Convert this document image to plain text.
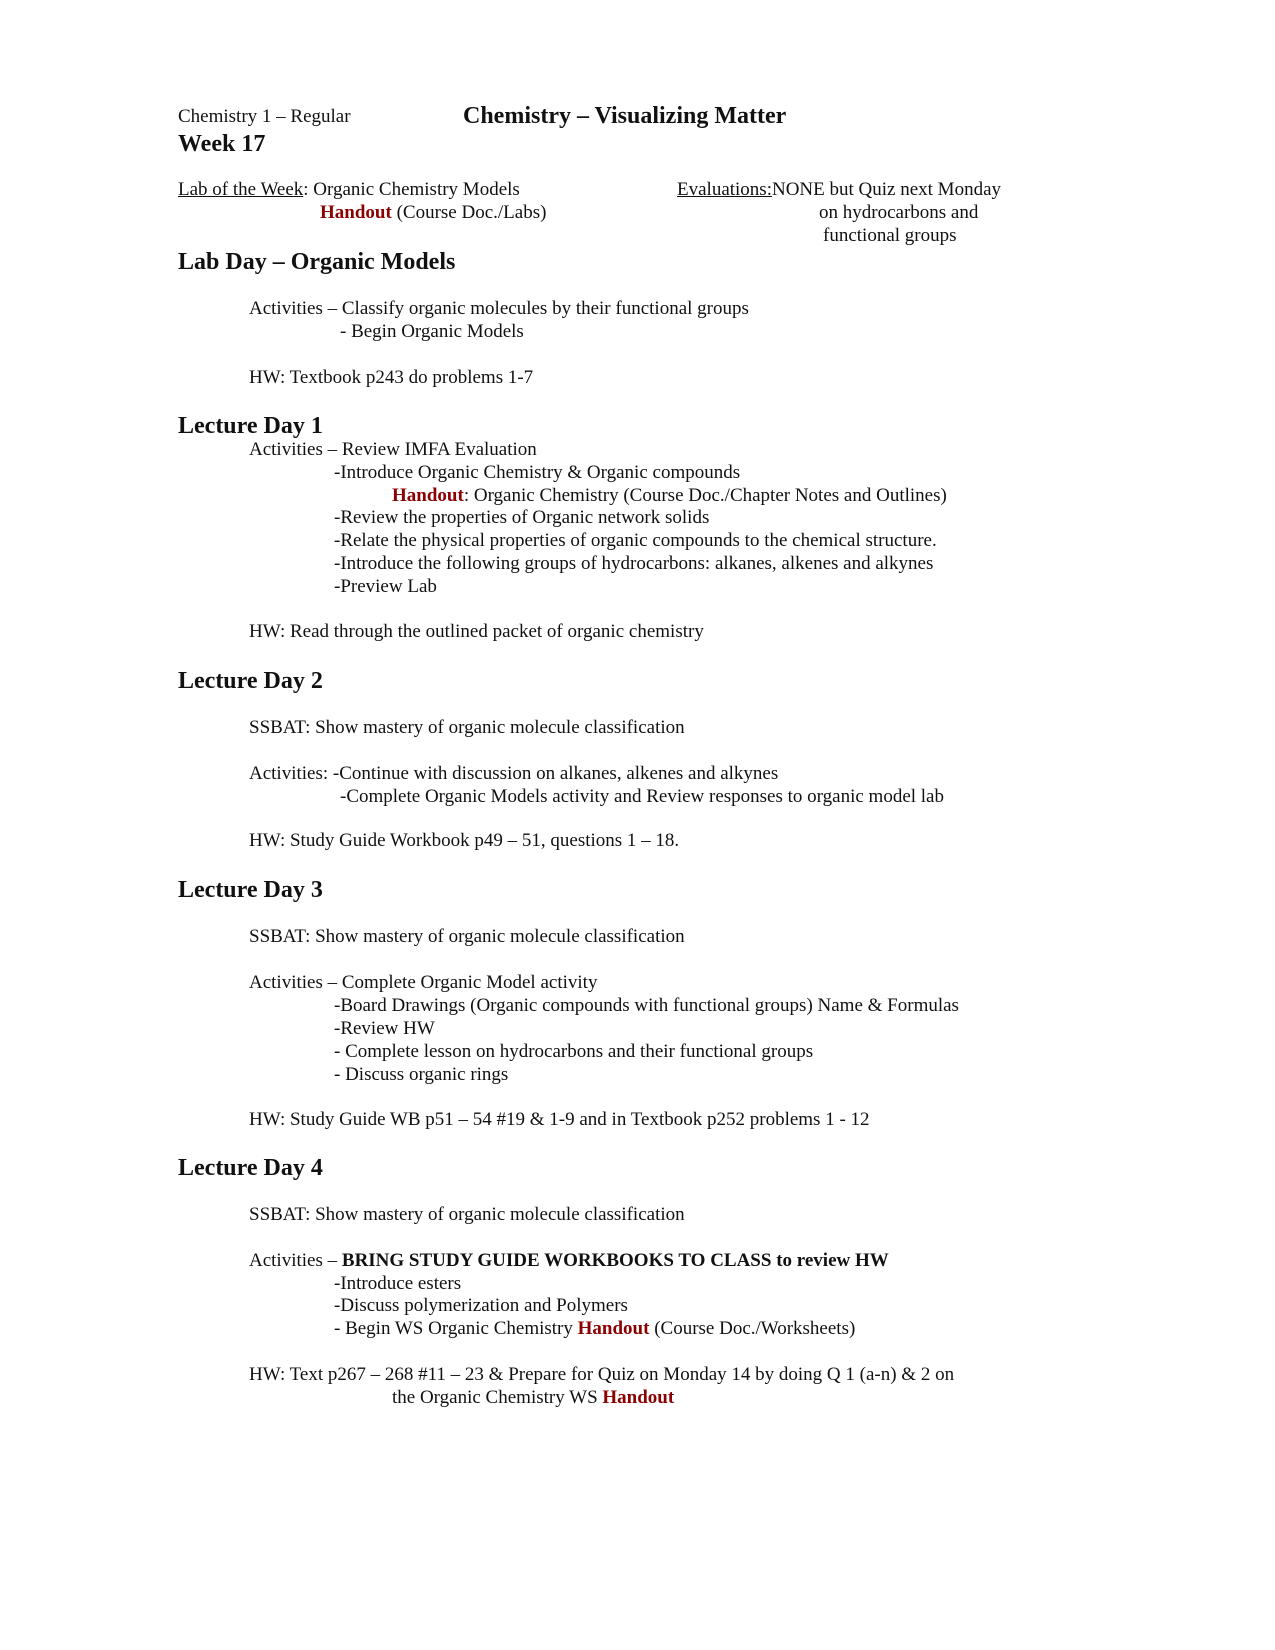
Chemistry 1 – Regular	Chemistry – Visualizing Matter
Week 17
Lab of the Week: Organic Chemistry Models
Handout (Course Doc./Labs)
Evaluations:NONE but Quiz next Monday
on hydrocarbons and
functional groups
Lab Day – Organic Models
Activities – Classify organic molecules by their functional groups
- Begin Organic Models
HW: Textbook p243 do problems 1-7
Lecture Day 1
Activities – Review IMFA Evaluation
-Introduce Organic Chemistry & Organic compounds
Handout: Organic Chemistry (Course Doc./Chapter Notes and Outlines)
-Review the properties of Organic network solids
-Relate the physical properties of organic compounds to the chemical structure.
-Introduce the following groups of hydrocarbons: alkanes, alkenes and alkynes
-Preview Lab
HW: Read through the outlined packet of organic chemistry
Lecture Day 2
SSBAT: Show mastery of organic molecule classification
Activities: -Continue with discussion on alkanes, alkenes and alkynes
-Complete Organic Models activity and Review responses to organic model lab
HW: Study Guide Workbook p49 – 51, questions 1 – 18.
Lecture Day 3
SSBAT: Show mastery of organic molecule classification
Activities – Complete Organic Model activity
-Board Drawings (Organic compounds with functional groups) Name & Formulas
-Review HW
- Complete lesson on hydrocarbons and their functional groups
- Discuss organic rings
HW: Study Guide WB p51 – 54 #19 & 1-9 and in Textbook p252 problems 1 - 12
Lecture Day 4
SSBAT: Show mastery of organic molecule classification
Activities – BRING STUDY GUIDE WORKBOOKS TO CLASS to review HW
-Introduce esters
-Discuss polymerization and Polymers
- Begin WS Organic Chemistry Handout (Course Doc./Worksheets)
HW: Text p267 – 268 #11 – 23 & Prepare for Quiz on Monday 14 by doing Q 1 (a-n) & 2 on
the Organic Chemistry WS Handout
